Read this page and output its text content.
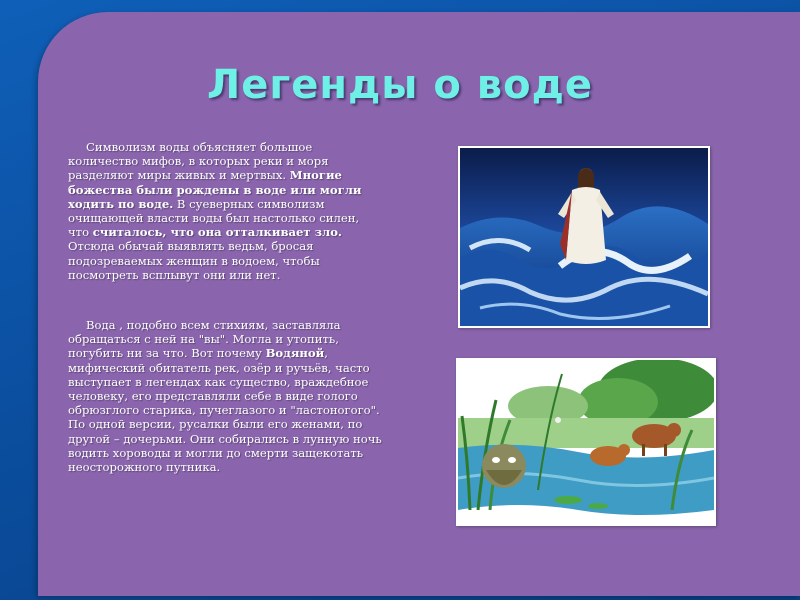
Легенды о воде
Символизм воды объясняет большое количество мифов, в которых реки и моря разделяют миры живых и мертвых. Многие божества были рождены в воде или могли ходить по воде. В суеверных символизм очищающей власти воды был настолько силен, что считалось, что она отталкивает зло. Отсюда обычай выявлять ведьм, бросая подозреваемых женщин в водоем, чтобы посмотреть всплывут они или нет.
Вода , подобно всем стихиям, заставляла обращаться с ней на "вы". Могла и утопить, погубить ни за что. Вот почему Водяной, мифический обитатель рек, озёр и ручьёв, часто выступает в легендах как существо, враждебное человеку, его представляли себе в виде голого обрюзглого старика, пучеглазого и "ластоногого". По одной версии, русалки были его женами, по другой – дочерьми. Они собирались в лунную ночь водить хороводы и могли до смерти защекотать неосторожного путника.
